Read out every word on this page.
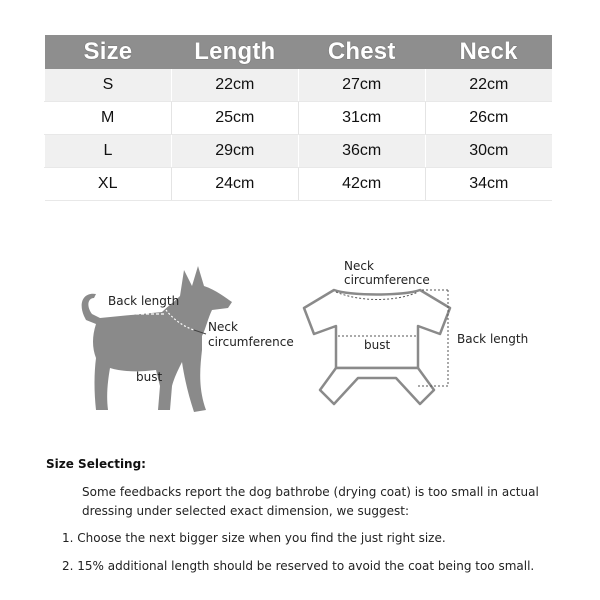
Size	Length	Chest	Neck
S	22cm	27cm	22cm
M	25cm	31cm	26cm
L	29cm	36cm	30cm
XL	24cm	42cm	34cm
Back length
Neck
circumference
bust
Neck
circumference
bust	Back length
Size Selecting:
Some feedbacks report the dog bathrobe (drying coat) is too small in actual dressing under selected exact dimension, we suggest:
1. Choose the next bigger size when you find the just right size.
2. 15% additional length should be reserved to avoid the coat being too small.
